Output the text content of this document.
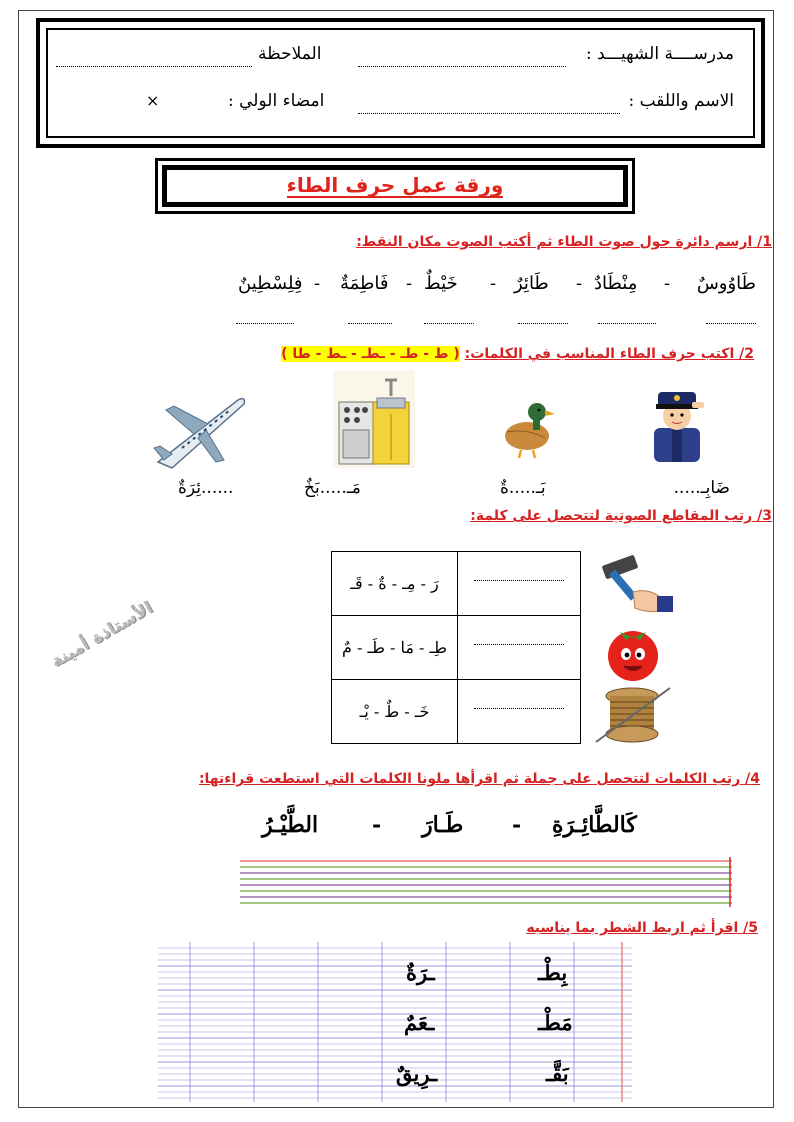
مدرســــة الشهيـــد :
الملاحظة
الاسم واللقب :
امضاء الولي :
×
ورقة عمل حرف الطاء
1/ ارسم دائرة حول صوت الطاء ثم أكتب الصوت مكان النقط:
طَاوُوسٌ
-
مِنْطَادٌ
-
طَائِرٌ
-
خَيْطٌ
-
فَاطِمَةٌ
-
فِلِسْطِينٌ
2/ اكتب حرف الطاء المناسب في الكلمات: ( ط - طـ - ـطـ - ـط - طا )
ضَابِـ.....
بَـ.....ةٌ
مَـ.....بَخٌ
......ئِرَةٌ
3/ رتب المقاطع الصوتية لتتحصل على كلمة:
	رَ - مِـ - ةٌ - قَـ

	طِـ - مَا - طَـ - مٌ

	خَـ - طٌ - يْـ
الأستاذة أمينة
4/ رتب الكلمات لتتحصل على جملة ثم اقرأها ملونا الكلمات التي استطعت قراءتها:
كَالطَّائِـرَةِ
-
طَـارَ
-
الطَّيْـرُ
5/ اقرأ ثم اربط الشطر بما يناسبه
بِطْـ
مَطْـ
بَقَّـ
ـرَةٌ
ـعَمٌ
ـرِيقٌ
